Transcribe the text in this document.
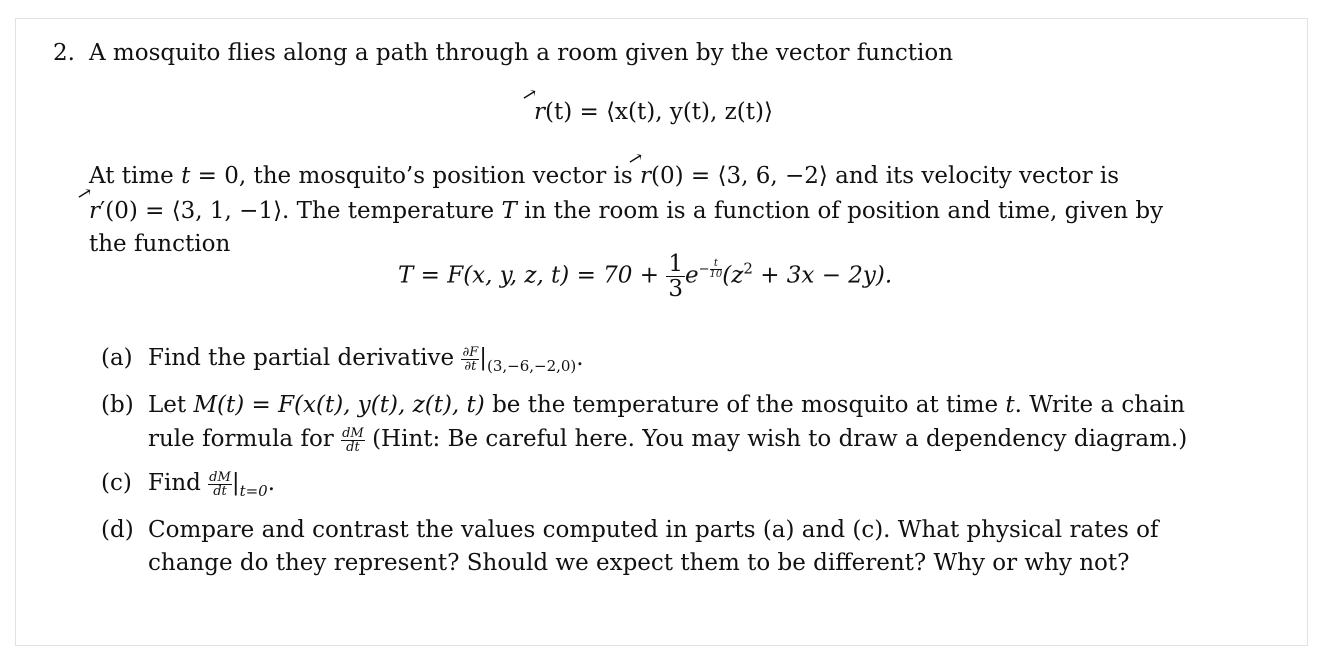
2. A mosquito flies along a path through a room given by the vector function
→
r(t) = ⟨x(t), y(t), z(t)⟩
At time t = 0, the mosquito’s position vector is
→
r(0) = ⟨3, 6, −2⟩ and its velocity vector is
→
r′(0) = ⟨3, 1, −1⟩. The temperature T in the room is a function of position and time, given by
the function
T = F(x, y, z, $t) = 70 + \frac{1}{3} e- \frac{t}{10} (z^2 + 3x - 2y)$.
(a) Find the partial derivative $\frac{\partial F}{\partial t} |_{(3,-6,-2,0)}$.
(b) Let M(t) = F(x(t), y(t), z(t), t) be the temperature of the mosquito at time t. Write a chain
rule formula for $\frac{dM}{dt}$ (Hint: Be careful here. You may wish to draw a dependency diagram.)
(c) Find $\frac{dM}{dt} |_{t=0}$.
(d) Compare and contrast the values computed in parts (a) and (c). What physical rates of
change do they represent? Should we expect them to be different? Why or why not?
